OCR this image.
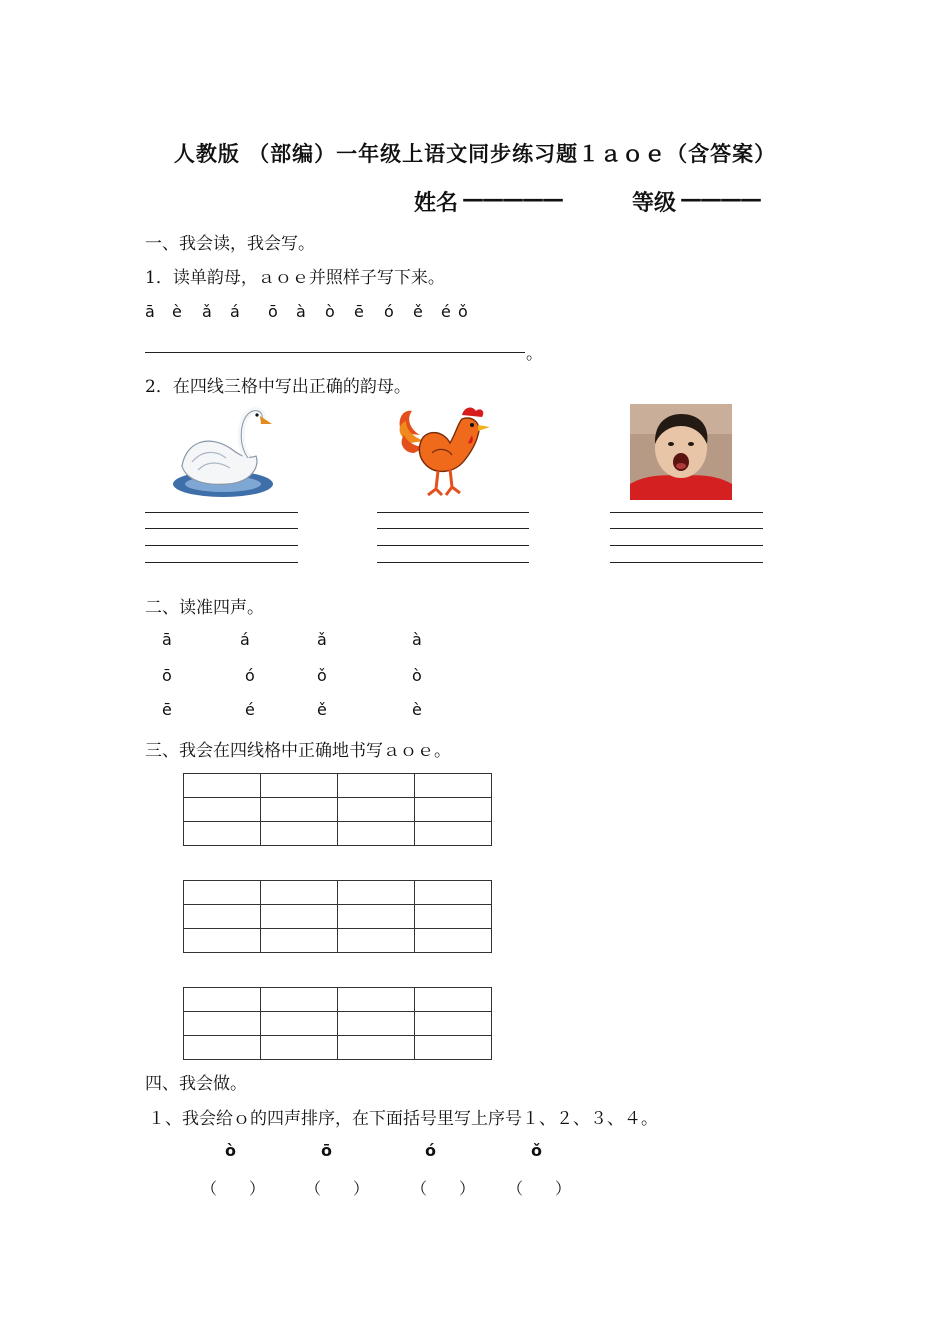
人教版 （部编）一年级上语文同步练习题１ａｏｅ（含答案）
姓名 —————	等级 ————
一、我会读，我会写。
1．读单韵母，ａｏｅ并照样子写下来。
ā è ǎ á ō à ò ē ó ě é ǒ
。
2．在四线三格中写出正确的韵母。
二、读准四声。
ā	á	ǎ	à
ō	ó	ǒ	ò
ē	é	ě	è
三、我会在四线格中正确地书写ａｏｅ。

四、我会做。
１、我会给ｏ的四声排序，在下面括号里写上序号１、２、３、４。
ò	ō	ó	ǒ
（　　） （　　）	（　　） （　　）
